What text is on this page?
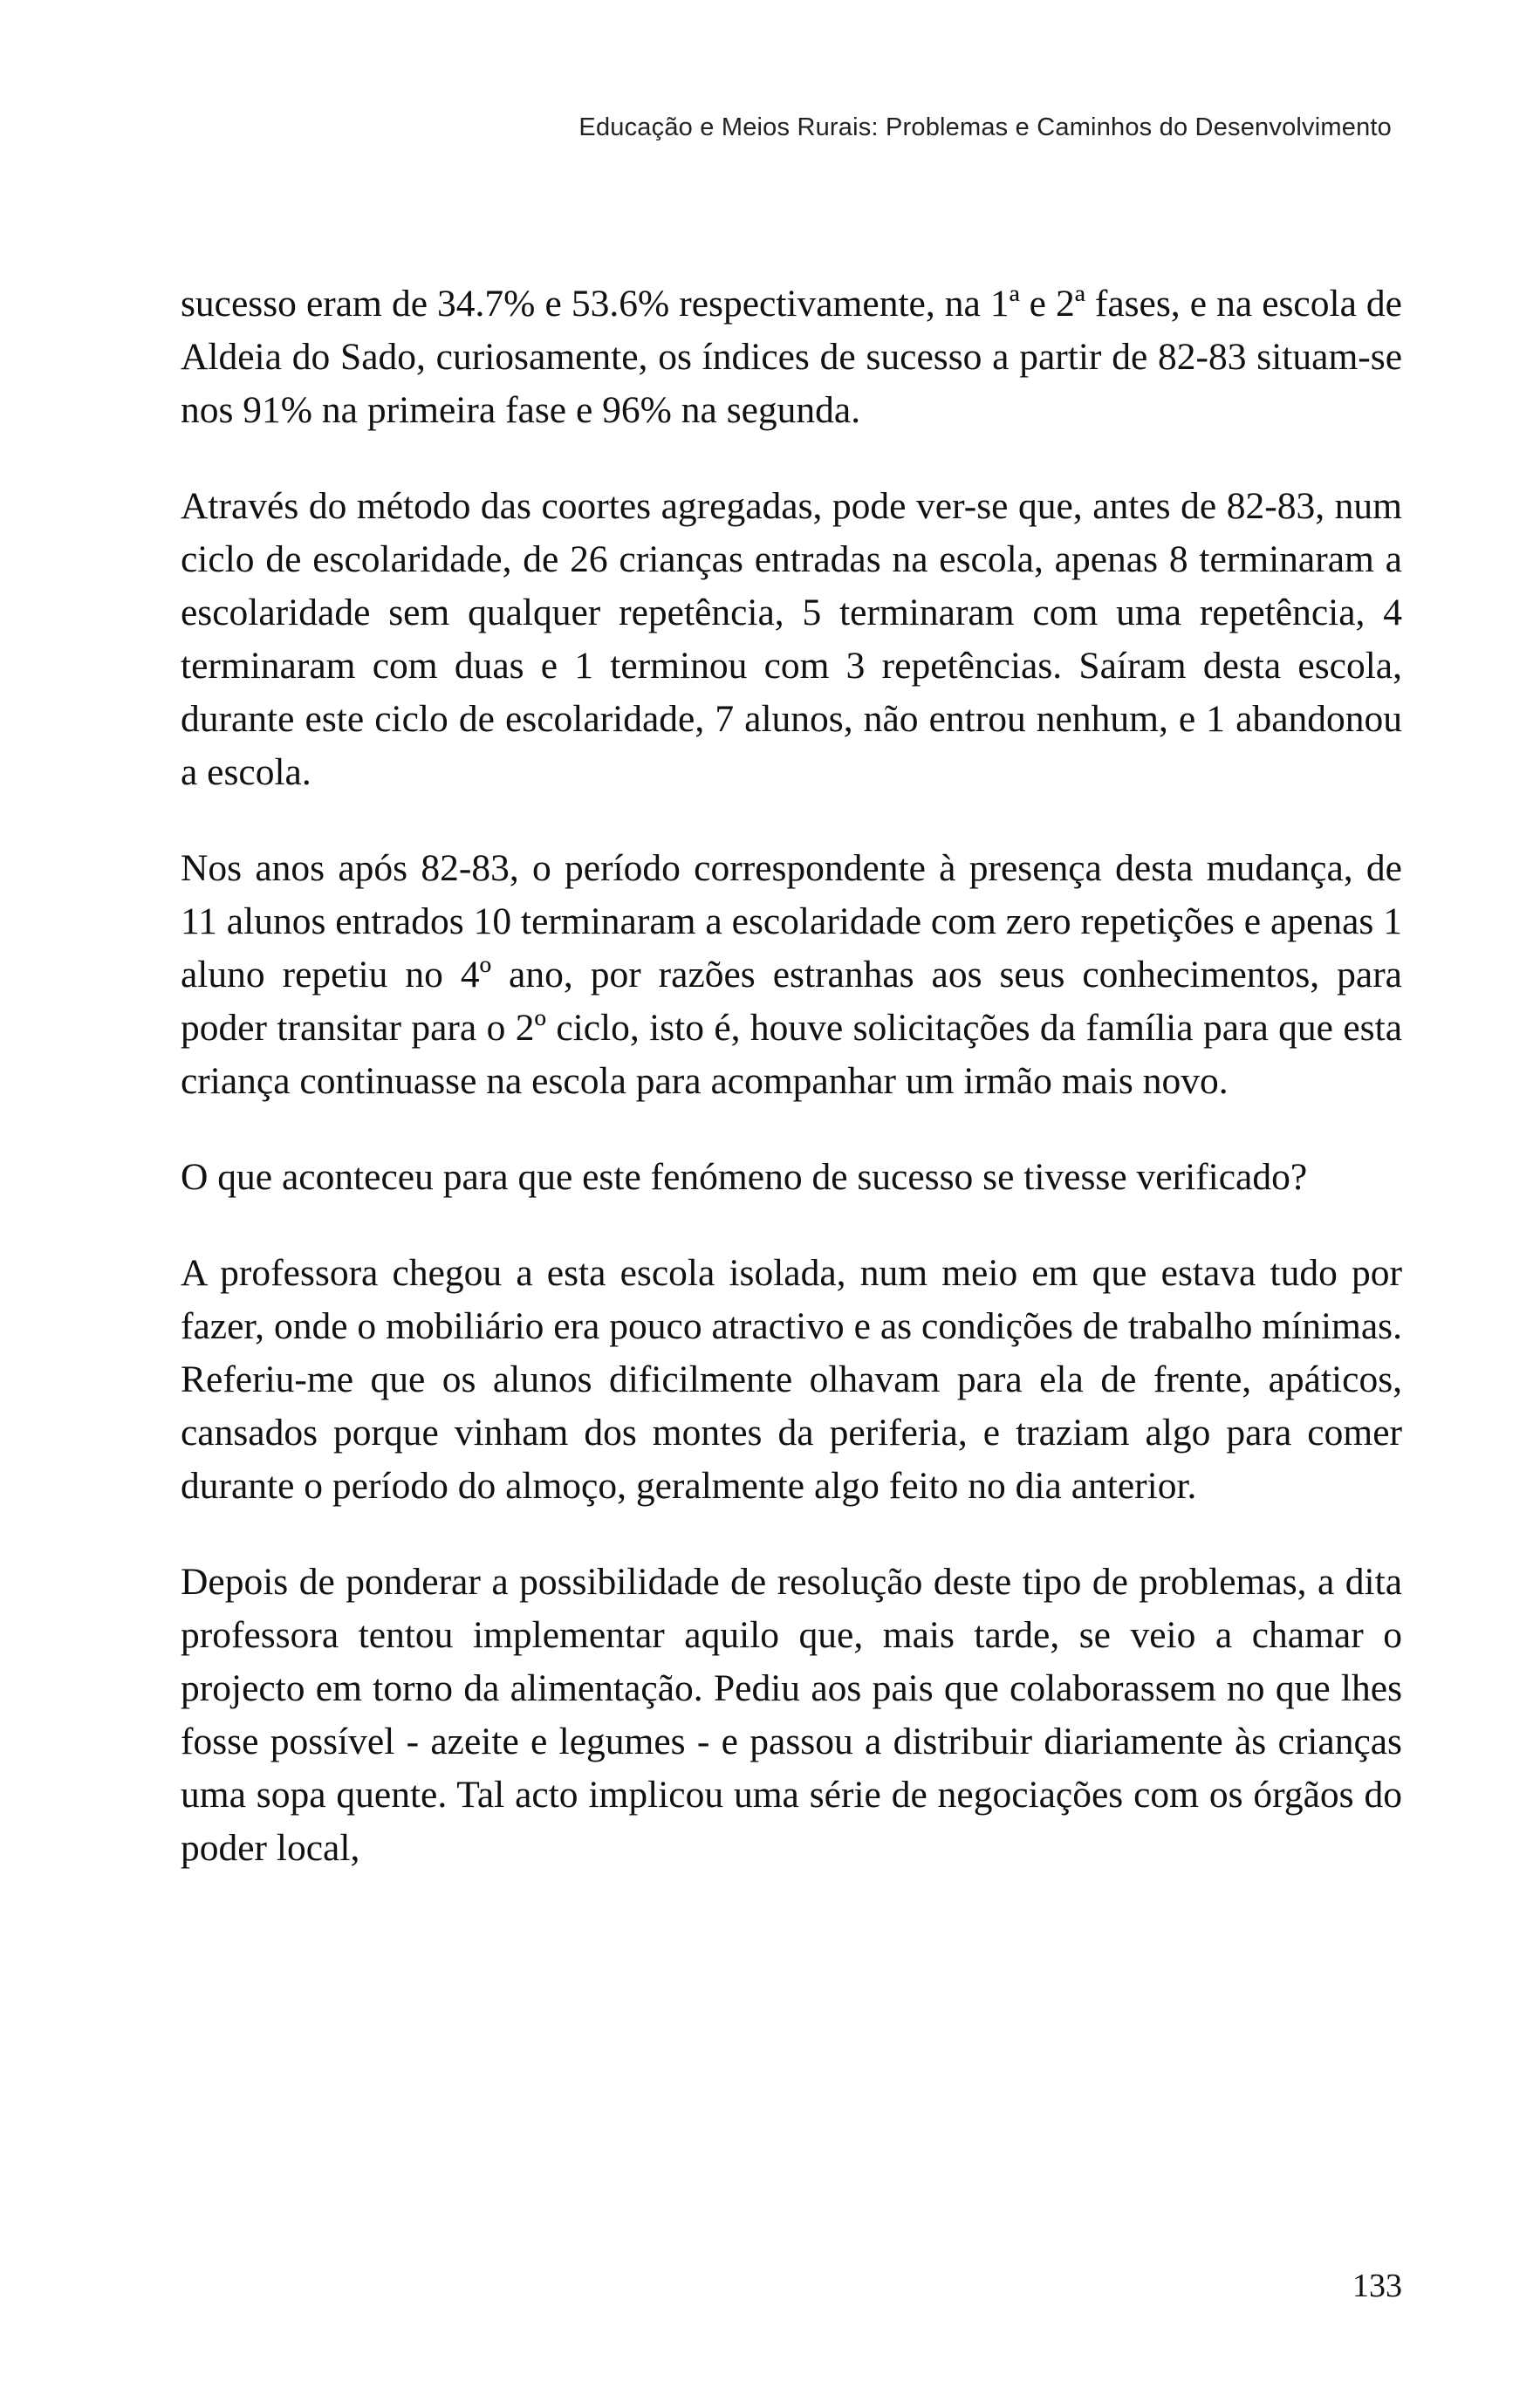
Educação e Meios Rurais: Problemas e Caminhos do Desenvolvimento

sucesso eram de 34.7% e 53.6% respectivamente, na 1ª e 2ª fases, e na escola de Aldeia do Sado, curiosamente, os índices de sucesso a partir de 82-83 situam-se nos 91% na primeira fase e 96% na segunda.

Através do método das coortes agregadas, pode ver-se que, antes de 82-83, num ciclo de escolaridade, de 26 crianças entradas na escola, apenas 8 terminaram a escolaridade sem qualquer repetência, 5 terminaram com uma repetência, 4 terminaram com duas e 1 terminou com 3 repetências. Saíram desta escola, durante este ciclo de escolaridade, 7 alunos, não entrou nenhum, e 1 abandonou a escola.

Nos anos após 82-83, o período correspondente à presença desta mudança, de 11 alunos entrados 10 terminaram a escolaridade com zero repetições e apenas 1 aluno repetiu no 4º ano, por razões estranhas aos seus conhecimentos, para poder transitar para o 2º ciclo, isto é, houve solicitações da família para que esta criança continuasse na escola para acompanhar um irmão mais novo.

O que aconteceu para que este fenómeno de sucesso se tivesse verificado?

A professora chegou a esta escola isolada, num meio em que estava tudo por fazer, onde o mobiliário era pouco atractivo e as condições de trabalho mínimas. Referiu-me que os alunos dificilmente olhavam para ela de frente, apáticos, cansados porque vinham dos montes da periferia, e traziam algo para comer durante o período do almoço, geralmente algo feito no dia anterior.

Depois de ponderar a possibilidade de resolução deste tipo de problemas, a dita professora tentou implementar aquilo que, mais tarde, se veio a chamar o projecto em torno da alimentação. Pediu aos pais que colaborassem no que lhes fosse possível - azeite e legumes - e passou a distribuir diariamente às crianças uma sopa quente. Tal acto implicou uma série de negociações com os órgãos do poder local,

133
